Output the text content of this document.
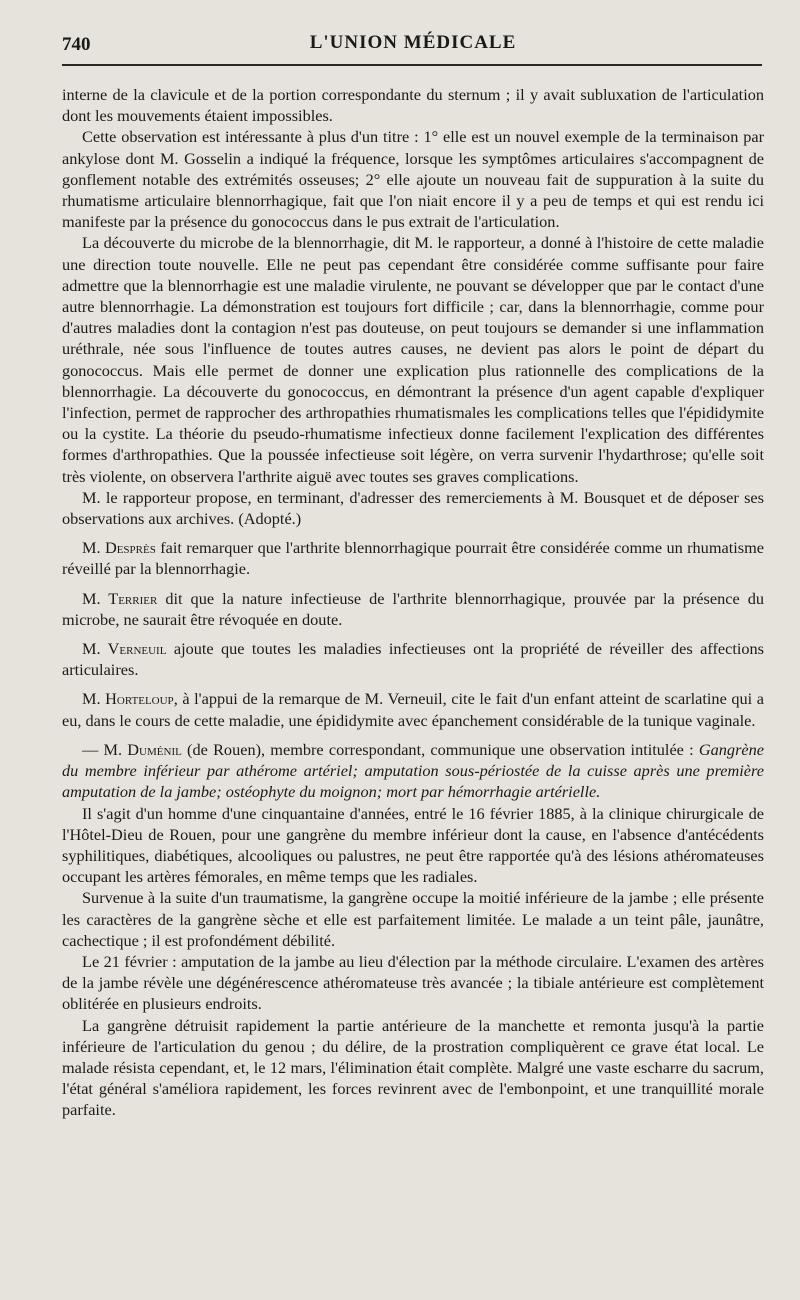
740	L'UNION MÉDICALE

interne de la clavicule et de la portion correspondante du sternum ; il y avait subluxation de l'articulation dont les mouvements étaient impossibles.

Cette observation est intéressante à plus d'un titre : 1° elle est un nouvel exemple de la terminaison par ankylose dont M. Gosselin a indiqué la fréquence, lorsque les symptômes articulaires s'accompagnent de gonflement notable des extrémités osseuses; 2° elle ajoute un nouveau fait de suppuration à la suite du rhumatisme articulaire blennorrhagique, fait que l'on niait encore il y a peu de temps et qui est rendu ici manifeste par la présence du gonococcus dans le pus extrait de l'articulation.

La découverte du microbe de la blennorrhagie, dit M. le rapporteur, a donné à l'histoire de cette maladie une direction toute nouvelle. Elle ne peut pas cependant être considérée comme suffisante pour faire admettre que la blennorrhagie est une maladie virulente, ne pouvant se développer que par le contact d'une autre blennorrhagie. La démonstration est toujours fort difficile ; car, dans la blennorrhagie, comme pour d'autres maladies dont la contagion n'est pas douteuse, on peut toujours se demander si une inflammation uréthrale, née sous l'influence de toutes autres causes, ne devient pas alors le point de départ du gonococcus. Mais elle permet de donner une explication plus rationnelle des complications de la blennorrhagie. La découverte du gonococcus, en démontrant la présence d'un agent capable d'expliquer l'infection, permet de rapprocher des arthropathies rhumatismales les complications telles que l'épididymite ou la cystite. La théorie du pseudo-rhumatisme infectieux donne facilement l'explication des différentes formes d'arthropathies. Que la poussée infectieuse soit légère, on verra survenir l'hydarthrose; qu'elle soit très violente, on observera l'arthrite aiguë avec toutes ses graves complications.

M. le rapporteur propose, en terminant, d'adresser des remerciements à M. Bousquet et de déposer ses observations aux archives. (Adopté.)

M. Desprès fait remarquer que l'arthrite blennorrhagique pourrait être considérée comme un rhumatisme réveillé par la blennorrhagie.

M. Terrier dit que la nature infectieuse de l'arthrite blennorrhagique, prouvée par la présence du microbe, ne saurait être révoquée en doute.

M. Verneuil ajoute que toutes les maladies infectieuses ont la propriété de réveiller des affections articulaires.

M. Horteloup, à l'appui de la remarque de M. Verneuil, cite le fait d'un enfant atteint de scarlatine qui a eu, dans le cours de cette maladie, une épididymite avec épanchement considérable de la tunique vaginale.

— M. Duménil (de Rouen), membre correspondant, communique une observation intitulée : Gangrène du membre inférieur par athérome artériel; amputation sous-périostée de la cuisse après une première amputation de la jambe; ostéophyte du moignon; mort par hémorrhagie artérielle.

Il s'agit d'un homme d'une cinquantaine d'années, entré le 16 février 1885, à la clinique chirurgicale de l'Hôtel-Dieu de Rouen, pour une gangrène du membre inférieur dont la cause, en l'absence d'antécédents syphilitiques, diabétiques, alcooliques ou palustres, ne peut être rapportée qu'à des lésions athéromateuses occupant les artères fémorales, en même temps que les radiales.

Survenue à la suite d'un traumatisme, la gangrène occupe la moitié inférieure de la jambe ; elle présente les caractères de la gangrène sèche et elle est parfaitement limitée. Le malade a un teint pâle, jaunâtre, cachectique ; il est profondément débilité.

Le 21 février : amputation de la jambe au lieu d'élection par la méthode circulaire. L'examen des artères de la jambe révèle une dégénérescence athéromateuse très avancée ; la tibiale antérieure est complètement oblitérée en plusieurs endroits.

La gangrène détruisit rapidement la partie antérieure de la manchette et remonta jusqu'à la partie inférieure de l'articulation du genou ; du délire, de la prostration compliquèrent ce grave état local. Le malade résista cependant, et, le 12 mars, l'élimination était complète. Malgré une vaste escharre du sacrum, l'état général s'améliora rapidement, les forces revinrent avec de l'embonpoint, et une tranquillité morale parfaite.
